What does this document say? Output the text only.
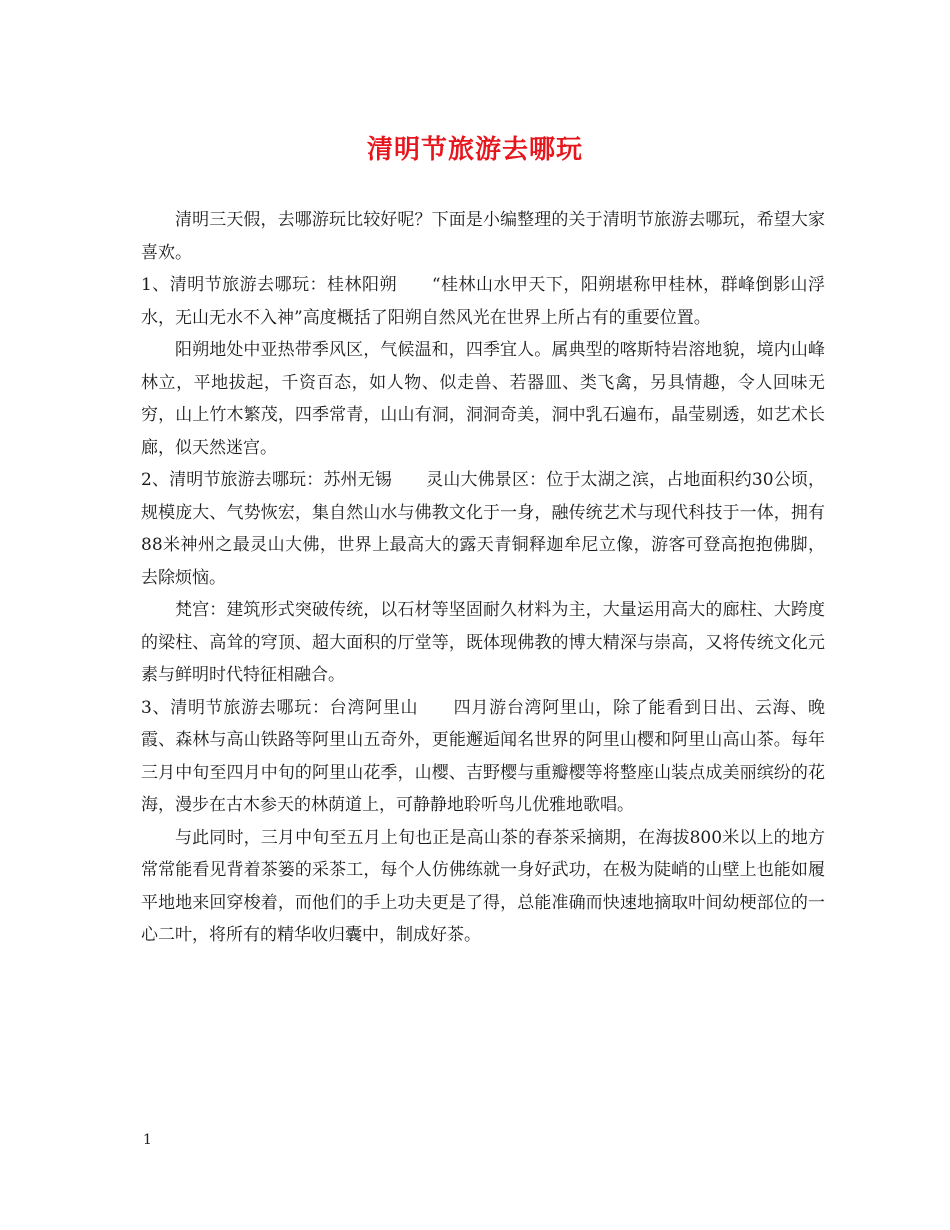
清明节旅游去哪玩

清明三天假，去哪游玩比较好呢？下面是小编整理的关于清明节旅游去哪玩，希望大家喜欢。

1、清明节旅游去哪玩：桂林阳朔　　“桂林山水甲天下，阳朔堪称甲桂林，群峰倒影山浮水，无山无水不入神”高度概括了阳朔自然风光在世界上所占有的重要位置。

阳朔地处中亚热带季风区，气候温和，四季宜人。属典型的喀斯特岩溶地貌，境内山峰林立，平地拔起，千资百态，如人物、似走兽、若器皿、类飞禽，另具情趣，令人回味无穷，山上竹木繁茂，四季常青，山山有洞，洞洞奇美，洞中乳石遍布，晶莹剔透，如艺术长廊，似天然迷宫。

2、清明节旅游去哪玩：苏州无锡　　灵山大佛景区：位于太湖之滨，占地面积约30公顷，规模庞大、气势恢宏，集自然山水与佛教文化于一身，融传统艺术与现代科技于一体，拥有88米神州之最灵山大佛，世界上最高大的露天青铜释迦牟尼立像，游客可登高抱抱佛脚，去除烦恼。

梵宫：建筑形式突破传统，以石材等坚固耐久材料为主，大量运用高大的廊柱、大跨度的梁柱、高耸的穹顶、超大面积的厅堂等，既体现佛教的博大精深与崇高，又将传统文化元素与鲜明时代特征相融合。

3、清明节旅游去哪玩：台湾阿里山　　四月游台湾阿里山，除了能看到日出、云海、晚霞、森林与高山铁路等阿里山五奇外，更能邂逅闻名世界的阿里山樱和阿里山高山茶。每年三月中旬至四月中旬的阿里山花季，山樱、吉野樱与重瓣樱等将整座山装点成美丽缤纷的花海，漫步在古木参天的林荫道上，可静静地聆听鸟儿优雅地歌唱。

与此同时，三月中旬至五月上旬也正是高山茶的春茶采摘期，在海拔800米以上的地方常常能看见背着茶篓的采茶工，每个人仿佛练就一身好武功，在极为陡峭的山壁上也能如履平地地来回穿梭着，而他们的手上功夫更是了得，总能准确而快速地摘取叶间幼梗部位的一心二叶，将所有的精华收归囊中，制成好茶。

1
